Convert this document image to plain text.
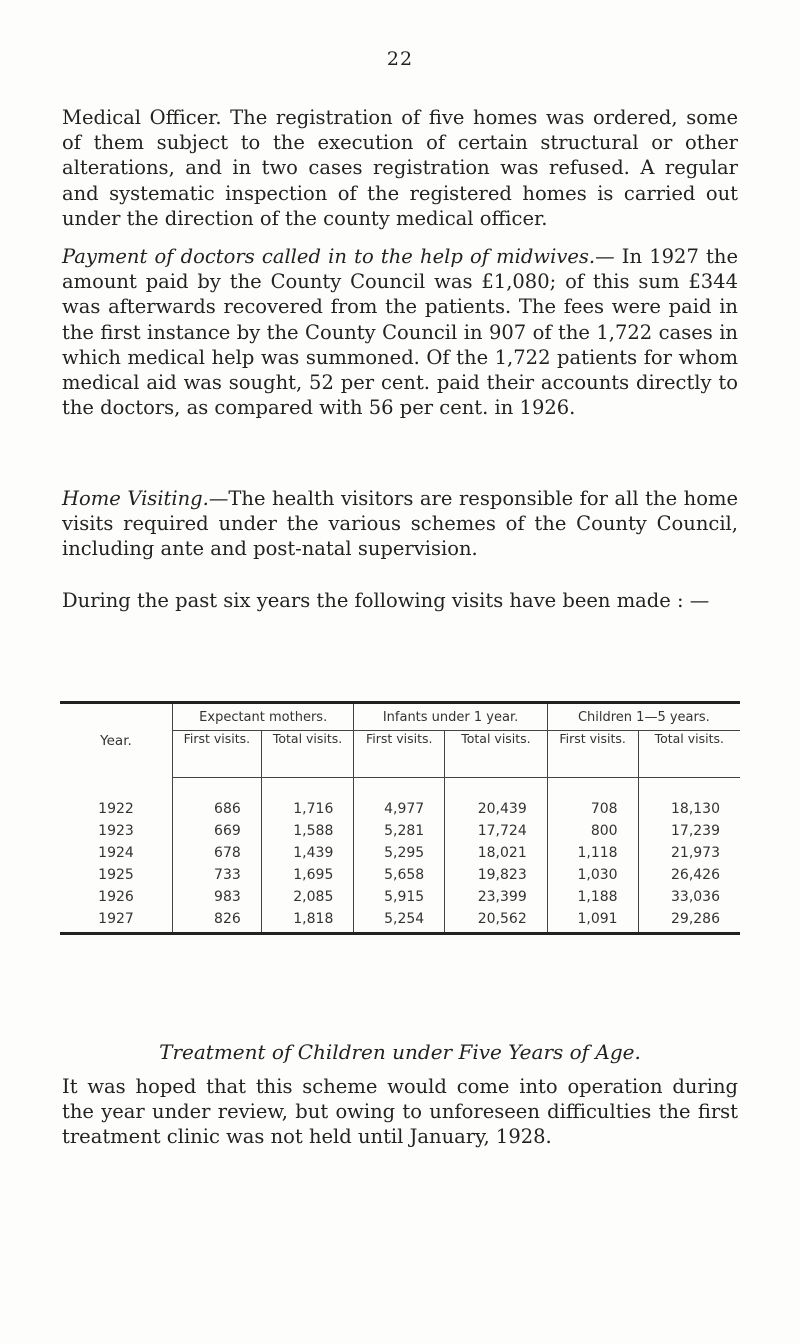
22

Medical Officer. The registration of five homes was ordered, some of them subject to the execution of certain structural or other alterations, and in two cases registration was refused. A regular and systematic inspection of the registered homes is carried out under the direction of the county medical officer.

Payment of doctors called in to the help of midwives.— In 1927 the amount paid by the County Council was £1,080; of this sum £344 was afterwards recovered from the patients. The fees were paid in the first instance by the County Council in 907 of the 1,722 cases in which medical help was summoned. Of the 1,722 patients for whom medical aid was sought, 52 per cent. paid their accounts directly to the doctors, as compared with 56 per cent. in 1926.

Home Visiting.—The health visitors are responsible for all the home visits required under the various schemes of the County Council, including ante and post-natal supervision.

During the past six years the following visits have been made : —

Year.	Expectant mothers.		Infants under 1 year.		Children 1—5 years.	
	First visits.	Total visits.	First visits.	Total visits.	First visits.	Total visits.
1922	686	1,716	4,977	20,439	708	18,130
1923	669	1,588	5,281	17,724	800	17,239
1924	678	1,439	5,295	18,021	1,118	21,973
1925	733	1,695	5,658	19,823	1,030	26,426
1926	983	2,085	5,915	23,399	1,188	33,036
1927	826	1,818	5,254	20,562	1,091	29,286

Treatment of Children under Five Years of Age.

It was hoped that this scheme would come into operation during the year under review, but owing to unforeseen difficulties the first treatment clinic was not held until January, 1928.
